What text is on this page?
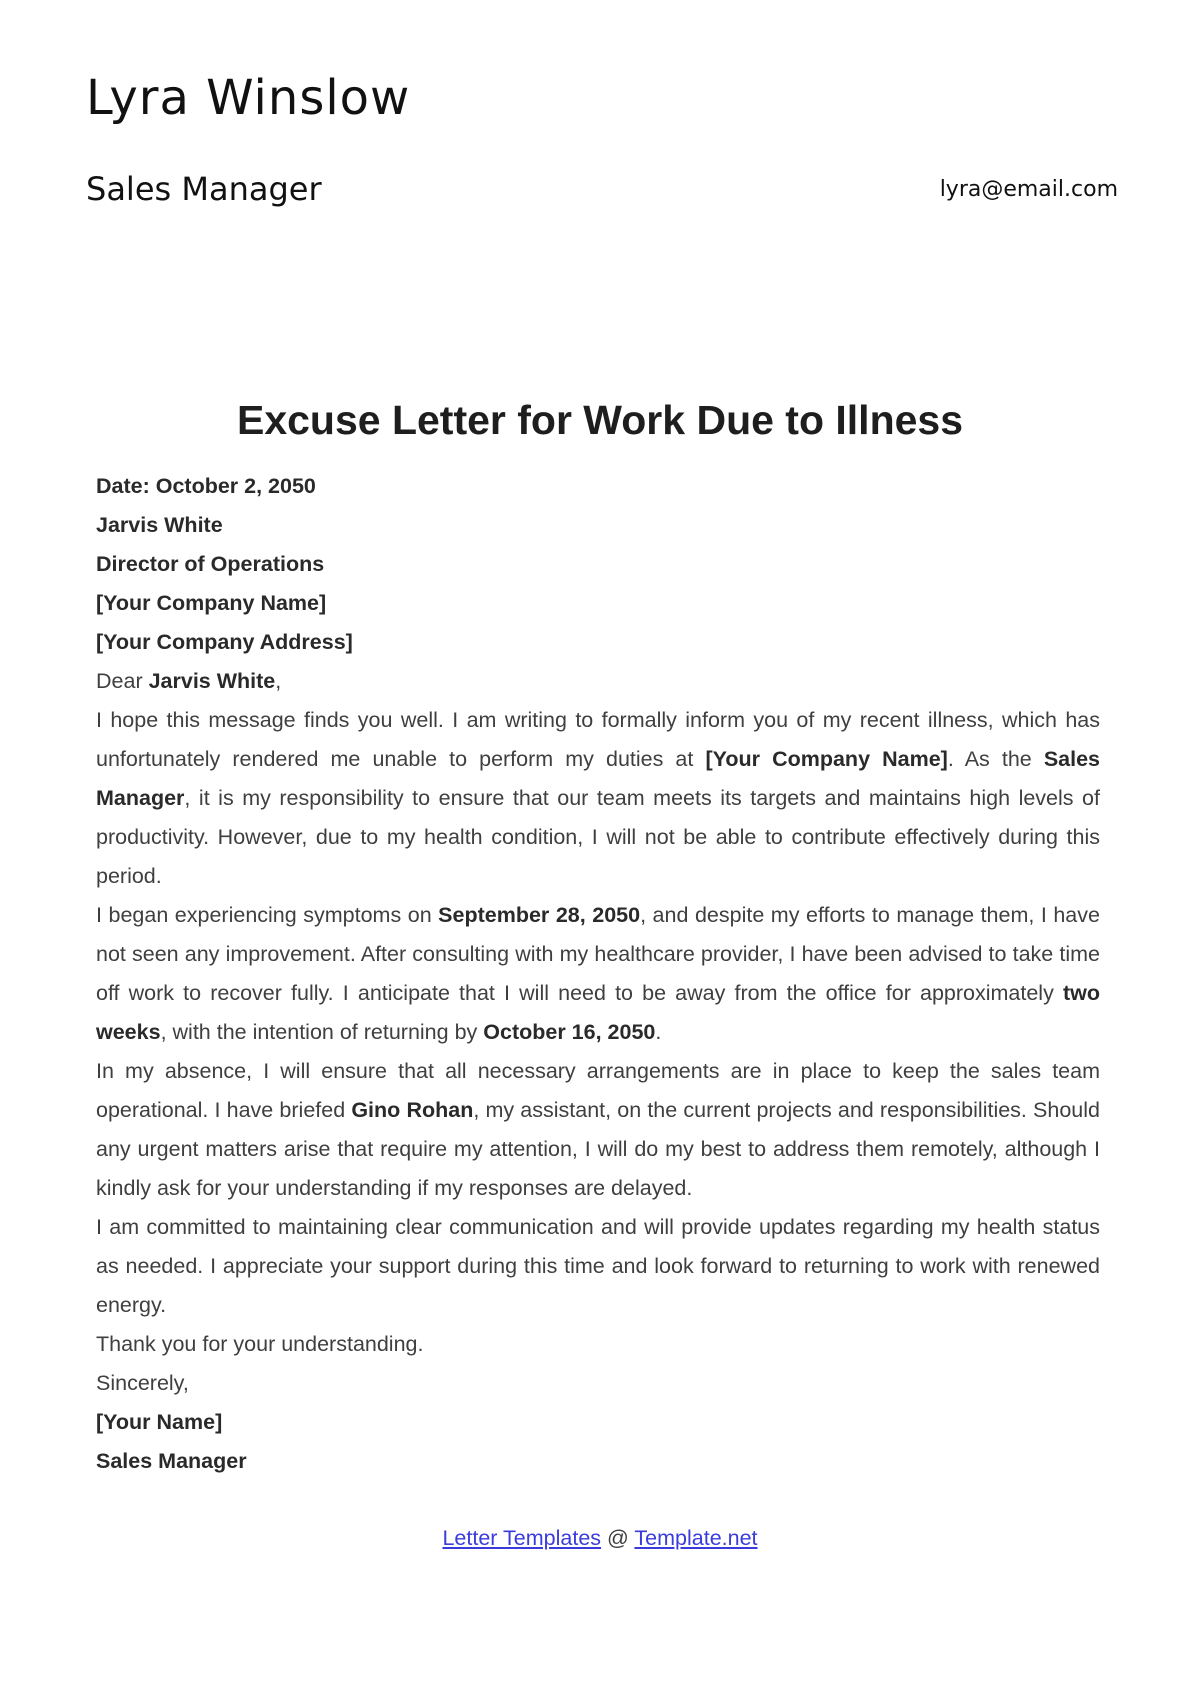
Lyra Winslow
Sales Manager	lyra@email.com
Excuse Letter for Work Due to Illness

Date: October 2, 2050

Jarvis White

Director of Operations

[Your Company Name]

[Your Company Address]

Dear Jarvis White,

I hope this message finds you well. I am writing to formally inform you of my recent illness, which has unfortunately rendered me unable to perform my duties at [Your Company Name]. As the Sales Manager, it is my responsibility to ensure that our team meets its targets and maintains high levels of productivity. However, due to my health condition, I will not be able to contribute effectively during this period.

I began experiencing symptoms on September 28, 2050, and despite my efforts to manage them, I have not seen any improvement. After consulting with my healthcare provider, I have been advised to take time off work to recover fully. I anticipate that I will need to be away from the office for approximately two weeks, with the intention of returning by October 16, 2050.

In my absence, I will ensure that all necessary arrangements are in place to keep the sales team operational. I have briefed Gino Rohan, my assistant, on the current projects and responsibilities. Should any urgent matters arise that require my attention, I will do my best to address them remotely, although I kindly ask for your understanding if my responses are delayed.

I am committed to maintaining clear communication and will provide updates regarding my health status as needed. I appreciate your support during this time and look forward to returning to work with renewed energy.

Thank you for your understanding.

Sincerely,

[Your Name]

Sales Manager

Letter Templates @ Template.net
